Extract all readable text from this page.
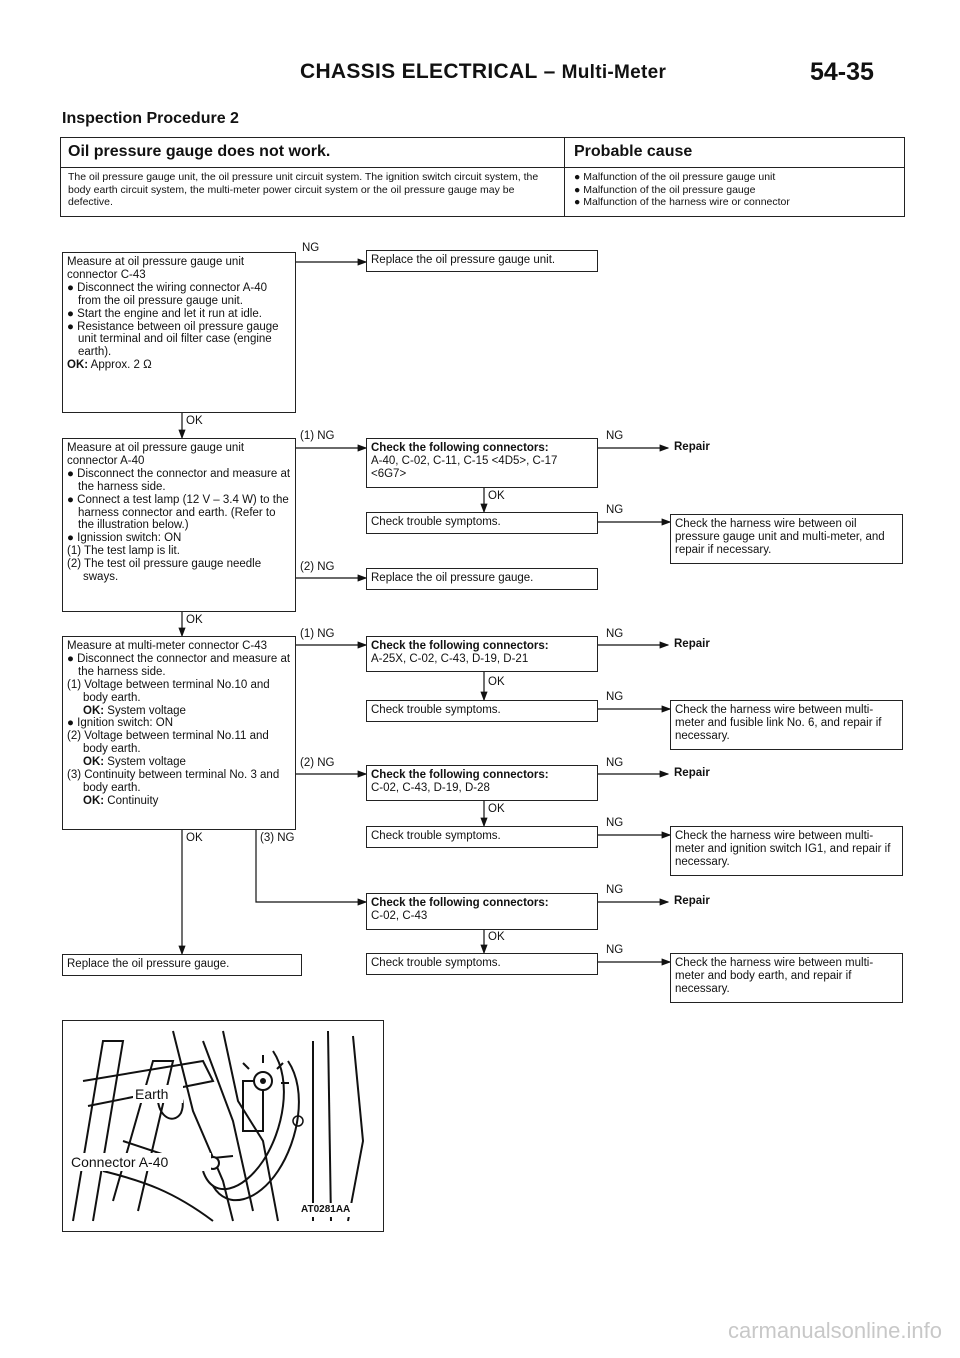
CHASSIS ELECTRICAL – Multi-Meter	54-35
Inspection Procedure 2
Oil pressure gauge does not work.	Probable cause
The oil pressure gauge unit, the oil pressure unit circuit system. The ignition switch circuit system, the body earth circuit system, the multi-meter power circuit system or the oil pressure gauge may be defective.
● Malfunction of the oil pressure gauge unit
● Malfunction of the oil pressure gauge
● Malfunction of the harness wire or connector
NG
OK
(1) NG
(2) NG
OK
(1) NG
(2) NG
OK	(3) NG
NG
OK
NG
NG
OK
NG
NG
OK
NG
NG
OK
NG
Measure at oil pressure gauge unit connector C-43
● Disconnect the wiring connector A-40 from the oil pressure gauge unit.
● Start the engine and let it run at idle.
● Resistance between oil pressure gauge unit terminal and oil filter case (engine earth).
OK: Approx. 2 Ω
Measure at oil pressure gauge unit connector A-40
● Disconnect the connector and measure at the harness side.
● Connect a test lamp (12 V – 3.4 W) to the harness connector and earth. (Refer to the illustration below.)
● Ignission switch: ON
(1) The test lamp is lit.
(2) The test oil pressure gauge needle sways.
Measure at multi-meter connector C-43
● Disconnect the connector and measure at the harness side.
(1) Voltage between terminal No.10 and body earth.
OK: System voltage
● Ignition switch: ON
(2) Voltage between terminal No.11 and body earth.
OK: System voltage
(3) Continuity between terminal No. 3 and body earth.
OK: Continuity
Replace the oil pressure gauge.
Replace the oil pressure gauge unit.
Check the following connectors:
A-40, C-02, C-11, C-15 <4D5>, C-17 <6G7>
Check trouble symptoms.
Replace the oil pressure gauge.
Check the following connectors:
A-25X, C-02, C-43, D-19, D-21
Check trouble symptoms.
Check the following connectors:
C-02, C-43, D-19, D-28
Check trouble symptoms.
Check the following connectors:
C-02, C-43
Check trouble symptoms.
Repair
Check the harness wire between oil pressure gauge unit and multi-meter, and repair if necessary.
Repair
Check the harness wire between multi-meter and fusible link No. 6, and repair if necessary.
Repair
Check the harness wire between multi-meter and ignition switch IG1, and repair if necessary.
Repair
Check the harness wire between multi-meter and body earth, and repair if necessary.
Earth
Connector A-40
AT0281AA
carmanualsonline.info
